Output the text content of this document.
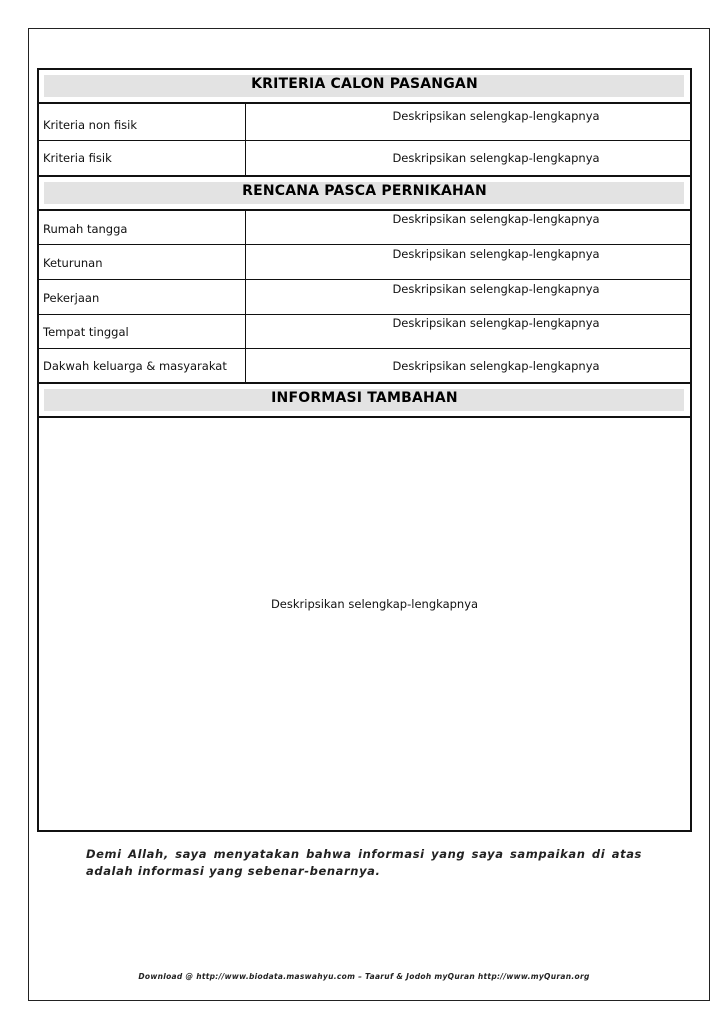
KRITERIA CALON PASANGAN
Kriteria non fisik
Deskripsikan selengkap-lengkapnya
Kriteria fisik	Deskripsikan selengkap-lengkapnya
RENCANA PASCA PERNIKAHAN
Rumah tangga
Deskripsikan selengkap-lengkapnya
Keturunan
Deskripsikan selengkap-lengkapnya
Pekerjaan
Deskripsikan selengkap-lengkapnya
Tempat tinggal
Deskripsikan selengkap-lengkapnya
Dakwah keluarga & masyarakat	Deskripsikan selengkap-lengkapnya
INFORMASI TAMBAHAN
Deskripsikan selengkap-lengkapnya
Demi Allah, saya menyatakan bahwa informasi yang saya sampaikan di atas adalah informasi yang sebenar-benarnya.
Download @ http://www.biodata.maswahyu.com – Taaruf & Jodoh myQuran http://www.myQuran.org
